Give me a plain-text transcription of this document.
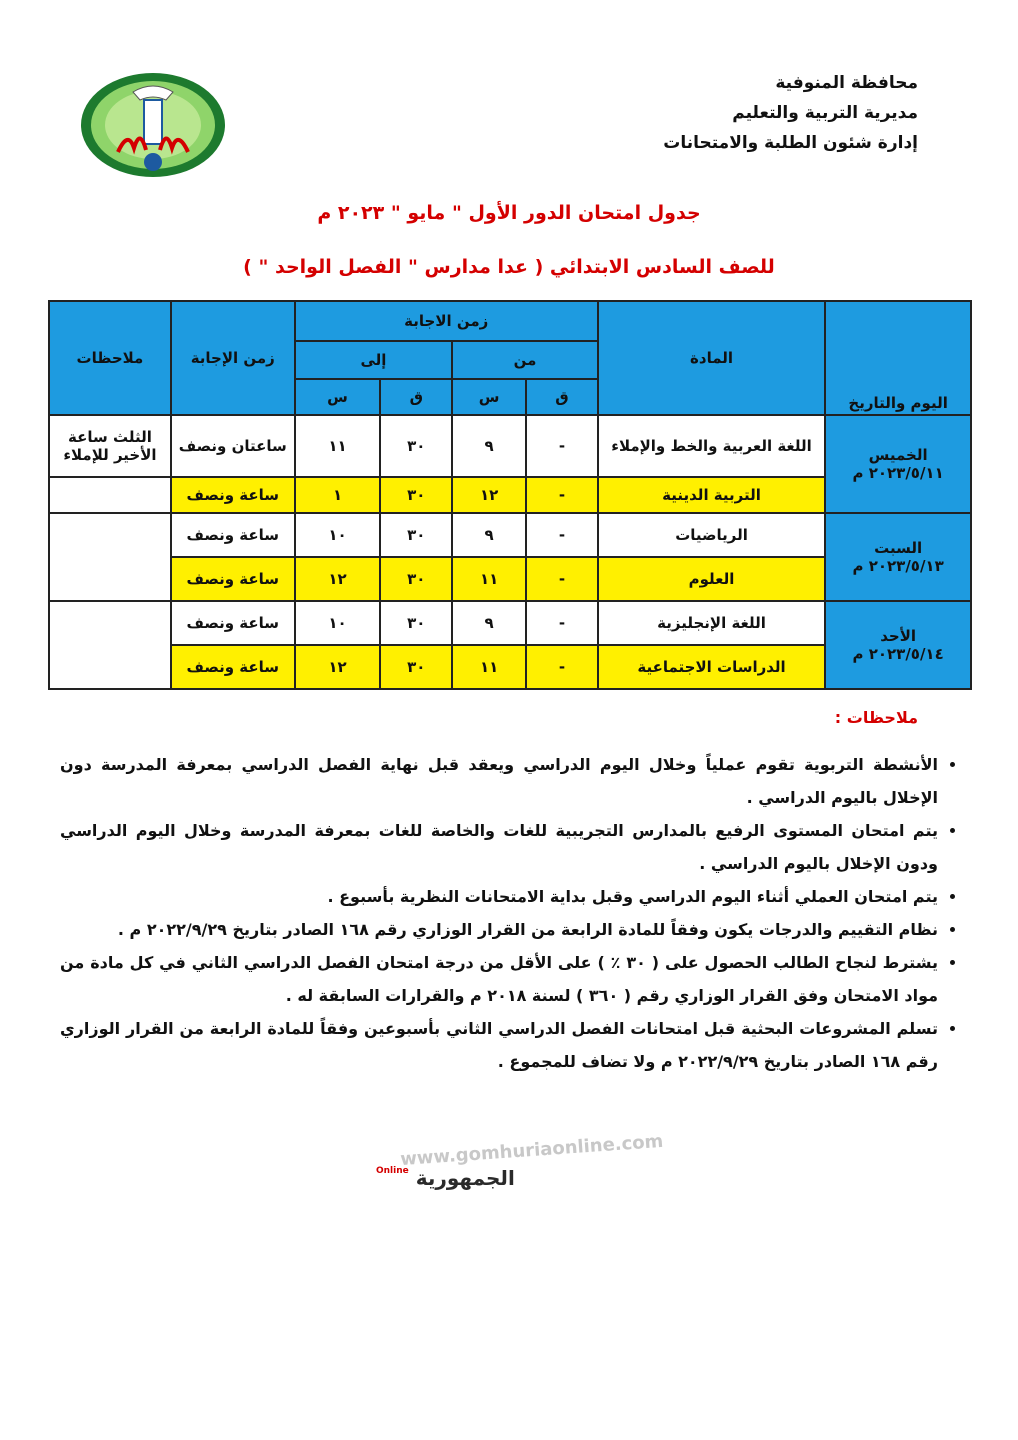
محافظة المنوفية
مديرية التربية والتعليم
إدارة شئون الطلبة والامتحانات
جدول امتحان الدور الأول " مايو " ٢٠٢٣ م
للصف السادس الابتدائي ( عدا مدارس " الفصل الواحد " )
اليوم والتاريخ	المادة	زمن الاجابة				زمن الإجابة	ملاحظات
		من		إلى			
		ق	س	ق	س		

الخميس
٢٠٢٣/٥/١١ م	اللغة العربية والخط والإملاء	-	٩	٣٠	١١	ساعتان ونصف	الثلث ساعة الأخير للإملاء
	التربية الدينية	-	١٢	٣٠	١	ساعة ونصف	

السبت
٢٠٢٣/٥/١٣ م	الرياضيات	-	٩	٣٠	١٠	ساعة ونصف	
	العلوم	-	١١	٣٠	١٢	ساعة ونصف	

الأحد
٢٠٢٣/٥/١٤ م	اللغة الإنجليزية	-	٩	٣٠	١٠	ساعة ونصف	
	الدراسات الاجتماعية	-	١١	٣٠	١٢	ساعة ونصف	
ملاحظات :
• الأنشطة التربوية تقوم عملياً وخلال اليوم الدراسي ويعقد قبل نهاية الفصل الدراسي بمعرفة المدرسة دون الإخلال باليوم الدراسي .
• يتم امتحان المستوى الرفيع بالمدارس التجريبية للغات والخاصة للغات بمعرفة المدرسة وخلال اليوم الدراسي ودون الإخلال باليوم الدراسي .
• يتم امتحان العملي أثناء اليوم الدراسي وقبل بداية الامتحانات النظرية بأسبوع .
• نظام التقييم والدرجات يكون وفقاً للمادة الرابعة من القرار الوزاري رقم ١٦٨ الصادر بتاريخ ٢٠٢٢/٩/٢٩ م .
• يشترط لنجاح الطالب الحصول على ( ٣٠ ٪ ) على الأقل من درجة امتحان الفصل الدراسي الثاني في كل مادة من مواد الامتحان وفق القرار الوزاري رقم ( ٣٦٠ ) لسنة ٢٠١٨ م والقرارات السابقة له .
• تسلم المشروعات البحثية قبل امتحانات الفصل الدراسي الثاني بأسبوعين وفقاً للمادة الرابعة من القرار الوزاري رقم ١٦٨ الصادر بتاريخ ٢٠٢٢/٩/٢٩ م ولا تضاف للمجموع .
www.gomhuriaonline.com
الجمهورية $^{Online}$
